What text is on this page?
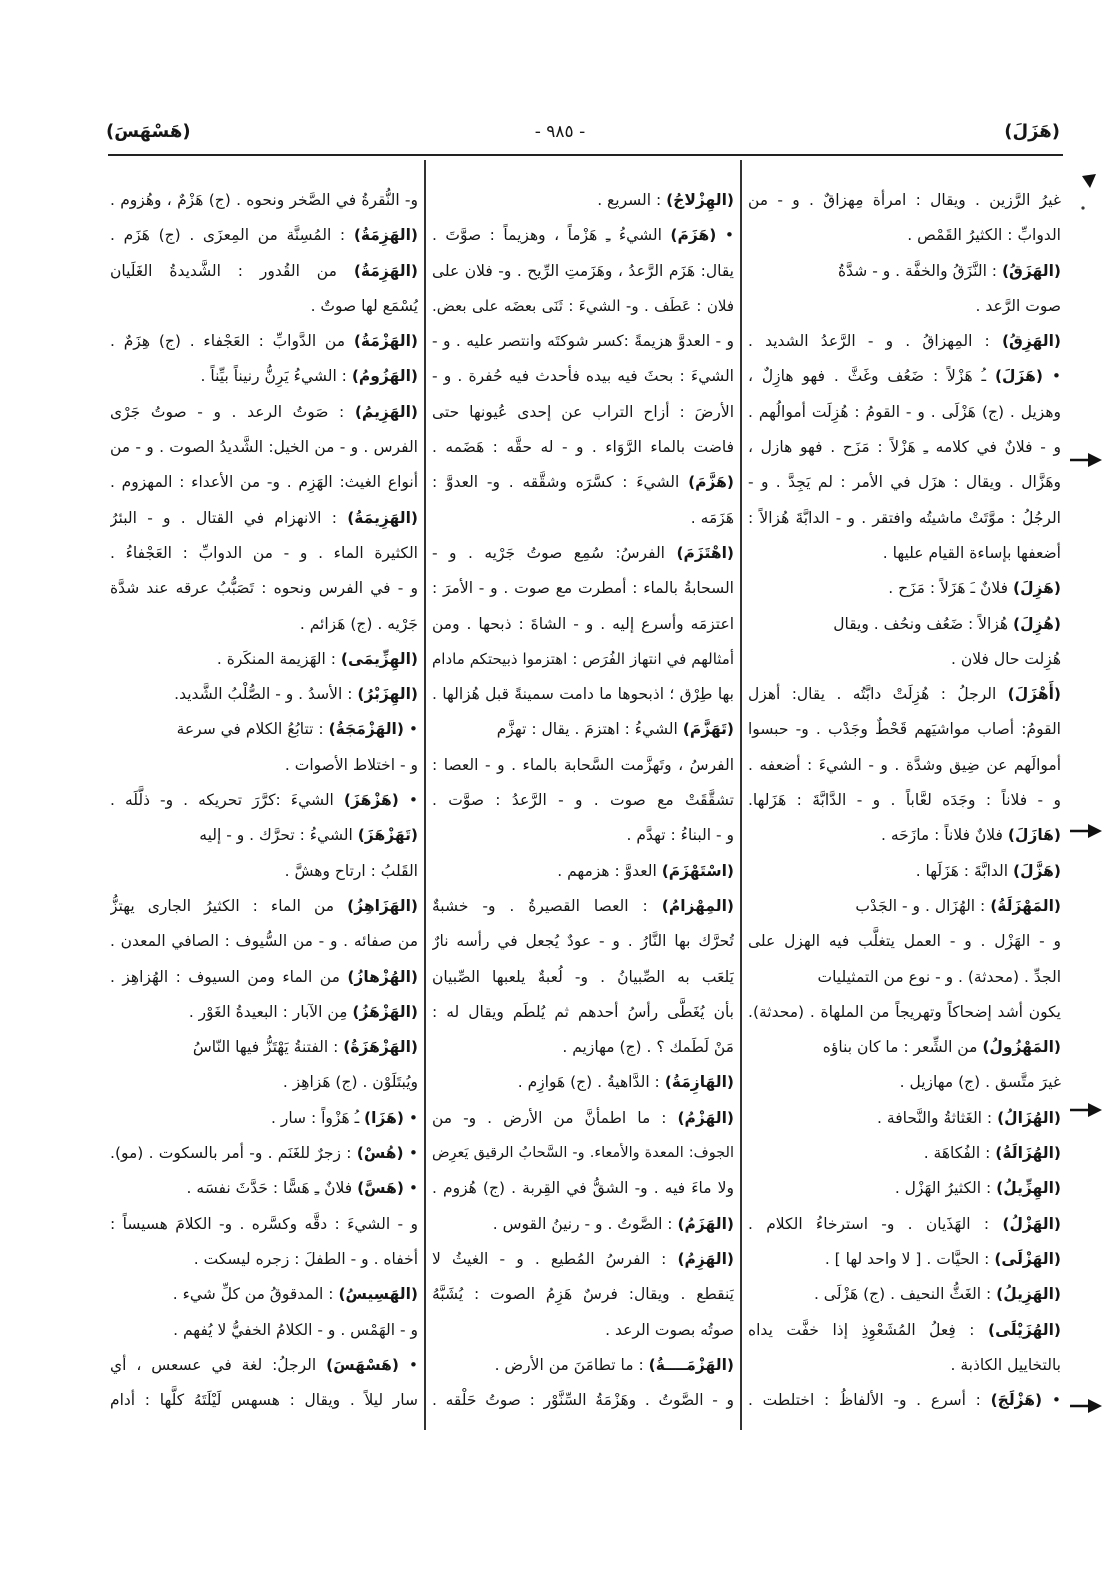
(هَزَلَ)
- ٩٨٥ -
(هَسْهَسَ)
غيرُ الرَّزين . ويقال : امرأة مِهزاقٌ . و - من
الدوابِّ : الكثيرُ القَمْص .
(الهَزَقُ) : النَّزَقُ والخفَّة . و - شدَّةُ
صوت الرَّعد .
(الهَزِقُ) : المِهزاقُ . و - الرَّعدُ الشديد .
• (هَزَلَ) ـُ هَزْلاً : ضَعُف وغَثَّ . فهو هازِلٌ ،
وهزيل . (ج) هَزْلَى . و - القومُ : هُزِلَت أموالُهم .
و - فلانٌ في كلامه ـِ هَزْلاً : مَزَح . فهو هازل ،
وهَزَّال . ويقال : هزَل في الأمر : لم يَجِدَّ . و -
الرجُلُ : موَّتَتْ ماشيتُه وافتقر . و - الدابَّةَ هُزالاً :
أضعفها بإساءة القيام عليها .
(هَزِلَ) فلانٌ ـَ هَزَلاً : مَزَح .
(هُزِلَ) هُزالاً : ضَعُف ونحُف . ويقال
هُزِلت حال فلان .
(أَهْزَلَ) الرجلُ : هُزِلَتْ دابَّتُه . يقال: أهزل
القومُ: أصاب مواشيَهم قَحْطٌ وجَدْب . و- حبسوا
أموالَهم عن ضِيق وشدَّة . و - الشيءَ : أضعفه .
و - فلاناً : وجَدَه لعَّاباً . و - الدَّابَّةَ : هَزَلها.
(هَازَلَ) فلانٌ فلاناً : مازَحَه .
(هَزَّلَ) الدابَّةَ : هَزَلَها .
(المَهْزَلَةُ) : الهُزَال . و - الجَدْب
و - الهَزْل . و - العمل يتغلَّب فيه الهزل على
الجدِّ . (محدثة) . و - نوع من التمثيليات
يكون أشد إضحاكاً وتهريجاً من الملهاة . (محدثة).
(المَهْزُولُ) من الشِّعر : ما كان بناؤه
غيرَ متَّسق . (ج) مهازيل .
(الهُزَالُ) : الغَثاثةُ والنَّحافة .
(الهُزَالَةُ) : الفُكاهَة .
(الهِزِّيلُ) : الكثيرُ الهَزْل .
(الهَزْلُ) : الهَذَيان . و- استرخاءُ الكلام .
(الهَزْلَى) : الحيَّات . [ لا واحد لها ] .
(الهَزِيلُ) : الغَثُّ النحيف . (ج) هَزْلَى .
(الهُزَيْلَى) : فِعلُ المُشَعْوِذِ إذا خفَّت يداه
بالتخاييل الكاذبة .
• (هَزْلَجَ) : أسرع . و- الألفاظُ : اختلطت .
(الهِزْلاجُ) : السريع .
• (هَزَمَ) الشيءُ ـِ هَزْماً ، وهزيماً : صوَّتَ .
يقال: هَزَم الرَّعدُ ، وهَزَمتِ الرِّيح . و- فلان على
فلان : عَطَف . و- الشيءَ : ثَنَى بعضَه على بعض.
و - العدوَّ هزيمةً :كسر شوكتَه وانتصر عليه . و -
الشيءَ : بحثَ فيه بيده فأحدث فيه حُفرة . و -
الأرضَ : أزاح التراب عن إحدى عُيونها حتى
فاضت بالماء الرَّوَاء . و - له حقَّه : هَضَمه .
(هَزَّمَ) الشيءَ : كسَّرَه وشقَّقه . و- العدوَّ :
هَزَمَه .
(اهْتَزَمَ) الفرسُ: سُمِع صوتُ جَرْيه . و -
السحابةُ بالماء : أمطرت مع صوت . و - الأمرَ :
اعتزمَه وأسرع إليه . و - الشاةَ : ذبحها . ومن
أمثالهم في انتهاز الفُرَص : اهتزموا ذبيحتكم مادام
بها طِرْق ؛ اذبحوها ما دامت سمينةً قبل هُزالها .
(تَهَزَّمَ) الشيءُ : اهتزمَ . يقال : تهزَّم
الفرسُ ، وتَهزَّمت السَّحابة بالماء . و - العصا :
تشقَّقَتْ مع صوت . و - الرَّعدُ : صوَّت .
و - البناءُ : تهدَّم .
(اسْتَهْزَمَ) العدوَّ : هزمهم .
(المِهْزامُ) : العصا القصيرةُ . و- خشبةٌ
تُحرَّك بها النَّارُ . و - عودٌ يُجعل في رأسه نارٌ
يَلعَب به الصِّبيانُ . و- لُعبةٌ يلعبها الصِّبيان
بأن يُغَطَّى رأسُ أحدهم ثم يُلطَم ويقال له :
مَنْ لَطَمك ؟ . (ج) مهازيم .
(الهَازِمَةُ) : الدَّاهيةُ . (ج) هَوازِم .
(الهَزْمُ) : ما اطمأنَّ من الأرض . و- من
الجوف: المعدة والأمعاء. و- السَّحابُ الرقيق يَعرِض
ولا ماءَ فيه . و- الشقُّ في القِربة . (ج) هُزوم .
(الهَزَمُ) : الصَّوتُ . و - رنينُ القوس .
(الهَزِمُ) : الفرسُ المُطيع . و - الغيثُ لا
يَنقطع . ويقال: فرسٌ هَزِمُ الصوت : يُشَبَّهُ
صوتُه بصوت الرعد .
(الهَزْمَــــةُ) : ما تطامَنَ من الأرض .
و - الصَّوتُ . وهَزْمَةُ السِّنَّوْر : صوتُ حَلْقه .
و- النُّقرةُ في الصَّخر ونحوه . (ج) هَزْمٌ ، وهُزوم .
(الهَزِمَةُ) : المُسِنَّة من المِعزَى . (ج) هَزَم .
(الهَزِمَةُ) من القُدور : الشَّديدةُ الغَلَيان
يُسْمَع لها صوتٌ .
(الهَزْمَةُ) من الدَّوابِّ : العَجْفاء . (ج) هِزَمٌ .
(الهَزُومُ) : الشيءُ يَرِنُّ رنيناً بيِّناً .
(الهَزِيمُ) : صَوتُ الرعد . و - صوتُ جَرْى
الفرس . و - من الخيل: الشَّديدُ الصوت . و - من
أنواع الغيث: الهَزِم . و- من الأعداء : المهزوم .
(الهَزِيمَةُ) : الانهزام في القتال . و - البئرُ
الكثيرة الماء . و - من الدوابِّ : العَجْفاءُ .
و - في الفرس ونحوه : تَصَبُّبُ عرقه عند شدَّة
جَرْيه . (ج) هَزائم .
(الهِزِّيمَى) : الهَزيمة المنكَرة .
(الهِزَبْرُ) : الأسدُ . و - الصُّلْبُ الشَّديد.
• (الهَزْمَجَةُ) : تتابُعُ الكلام في سرعة
و - اختلاط الأصوات .
• (هَزْهَزَ) الشيءَ :كرَّرَ تحريكه . و- ذلَّلَه .
(تَهَزْهَزَ) الشيءُ : تحرَّك . و - إليه
القَلبُ : ارتاح وهشَّ .
(الهَزَاهِزُ) من الماء : الكثيرُ الجارى يهتزُّ
من صفائه . و - من السُّيوف : الصافي المعدن .
(الهُزْهازُ) من الماء ومن السيوف : الهُزاهِز .
(الهَزْهَزُ) مِن الآبار : البعيدةُ الغَوْر .
(الهَزْهَزَةُ) : الفتنةُ يَهْتَزُّ فيها النّاسُ
ويُبتَلَوْن . (ج) هَزاهِز .
• (هَزَا) ـُ هَزْواً : سار .
• (هُسْ) : زجرٌ للغَنَم . و- أمر بالسكوت . (مو).
• (هَسَّ) فلانٌ ـِ هَسًّا : حَدَّثَ نفسَه .
و - الشيءَ : دقَّه وكسَّره . و- الكلامَ هسيساً :
أخفاه . و - الطفلَ : زجره ليسكت .
(الهَسِيسُ) : المدقوقُ من كلِّ شيء .
و - الهَمْس . و - الكلامُ الخفيُّ لا يُفهم .
• (هَسْهَسَ) الرجلُ: لغة في عسعس ، أي
سار ليلاً . ويقال : هسهس لَيْلَتَهُ كلَّها : أدام
